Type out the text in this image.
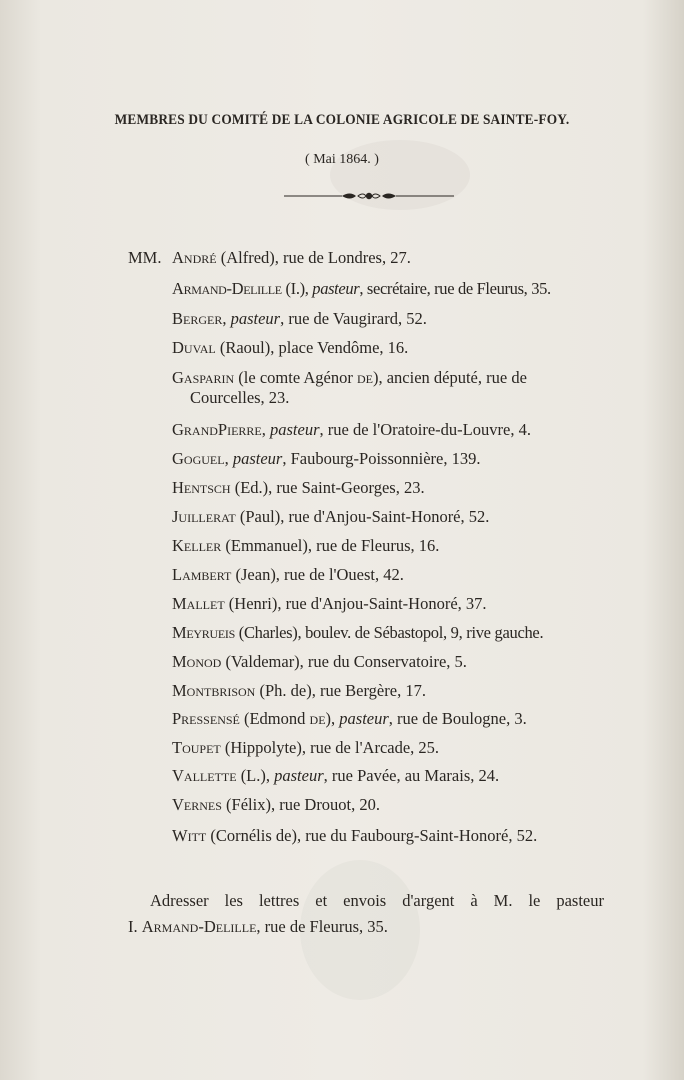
MEMBRES DU COMITÉ DE LA COLONIE AGRICOLE DE SAINTE-FOY.
( Mai 1864. )
MM. André (Alfred), rue de Londres, 27.
Armand-Delille (I.), pasteur, secrétaire, rue de Fleurus, 35.
Berger, pasteur, rue de Vaugirard, 52.
Duval (Raoul), place Vendôme, 16.
Gasparin (le comte Agénor de), ancien député, rue de
Courcelles, 23.
GrandPierre, pasteur, rue de l'Oratoire-du-Louvre, 4.
Goguel, pasteur, Faubourg-Poissonnière, 139.
Hentsch (Ed.), rue Saint-Georges, 23.
Juillerat (Paul), rue d'Anjou-Saint-Honoré, 52.
Keller (Emmanuel), rue de Fleurus, 16.
Lambert (Jean), rue de l'Ouest, 42.
Mallet (Henri), rue d'Anjou-Saint-Honoré, 37.
Meyrueis (Charles), boulev. de Sébastopol, 9, rive gauche.
Monod (Valdemar), rue du Conservatoire, 5.
Montbrison (Ph. de), rue Bergère, 17.
Pressensé (Edmond de), pasteur, rue de Boulogne, 3.
Toupet (Hippolyte), rue de l'Arcade, 25.
Vallette (L.), pasteur, rue Pavée, au Marais, 24.
Vernes (Félix), rue Drouot, 20.
Witt (Cornélis de), rue du Faubourg-Saint-Honoré, 52.
Adresser les lettres et envois d'argent à M. le pasteur
I. Armand-Delille, rue de Fleurus, 35.
